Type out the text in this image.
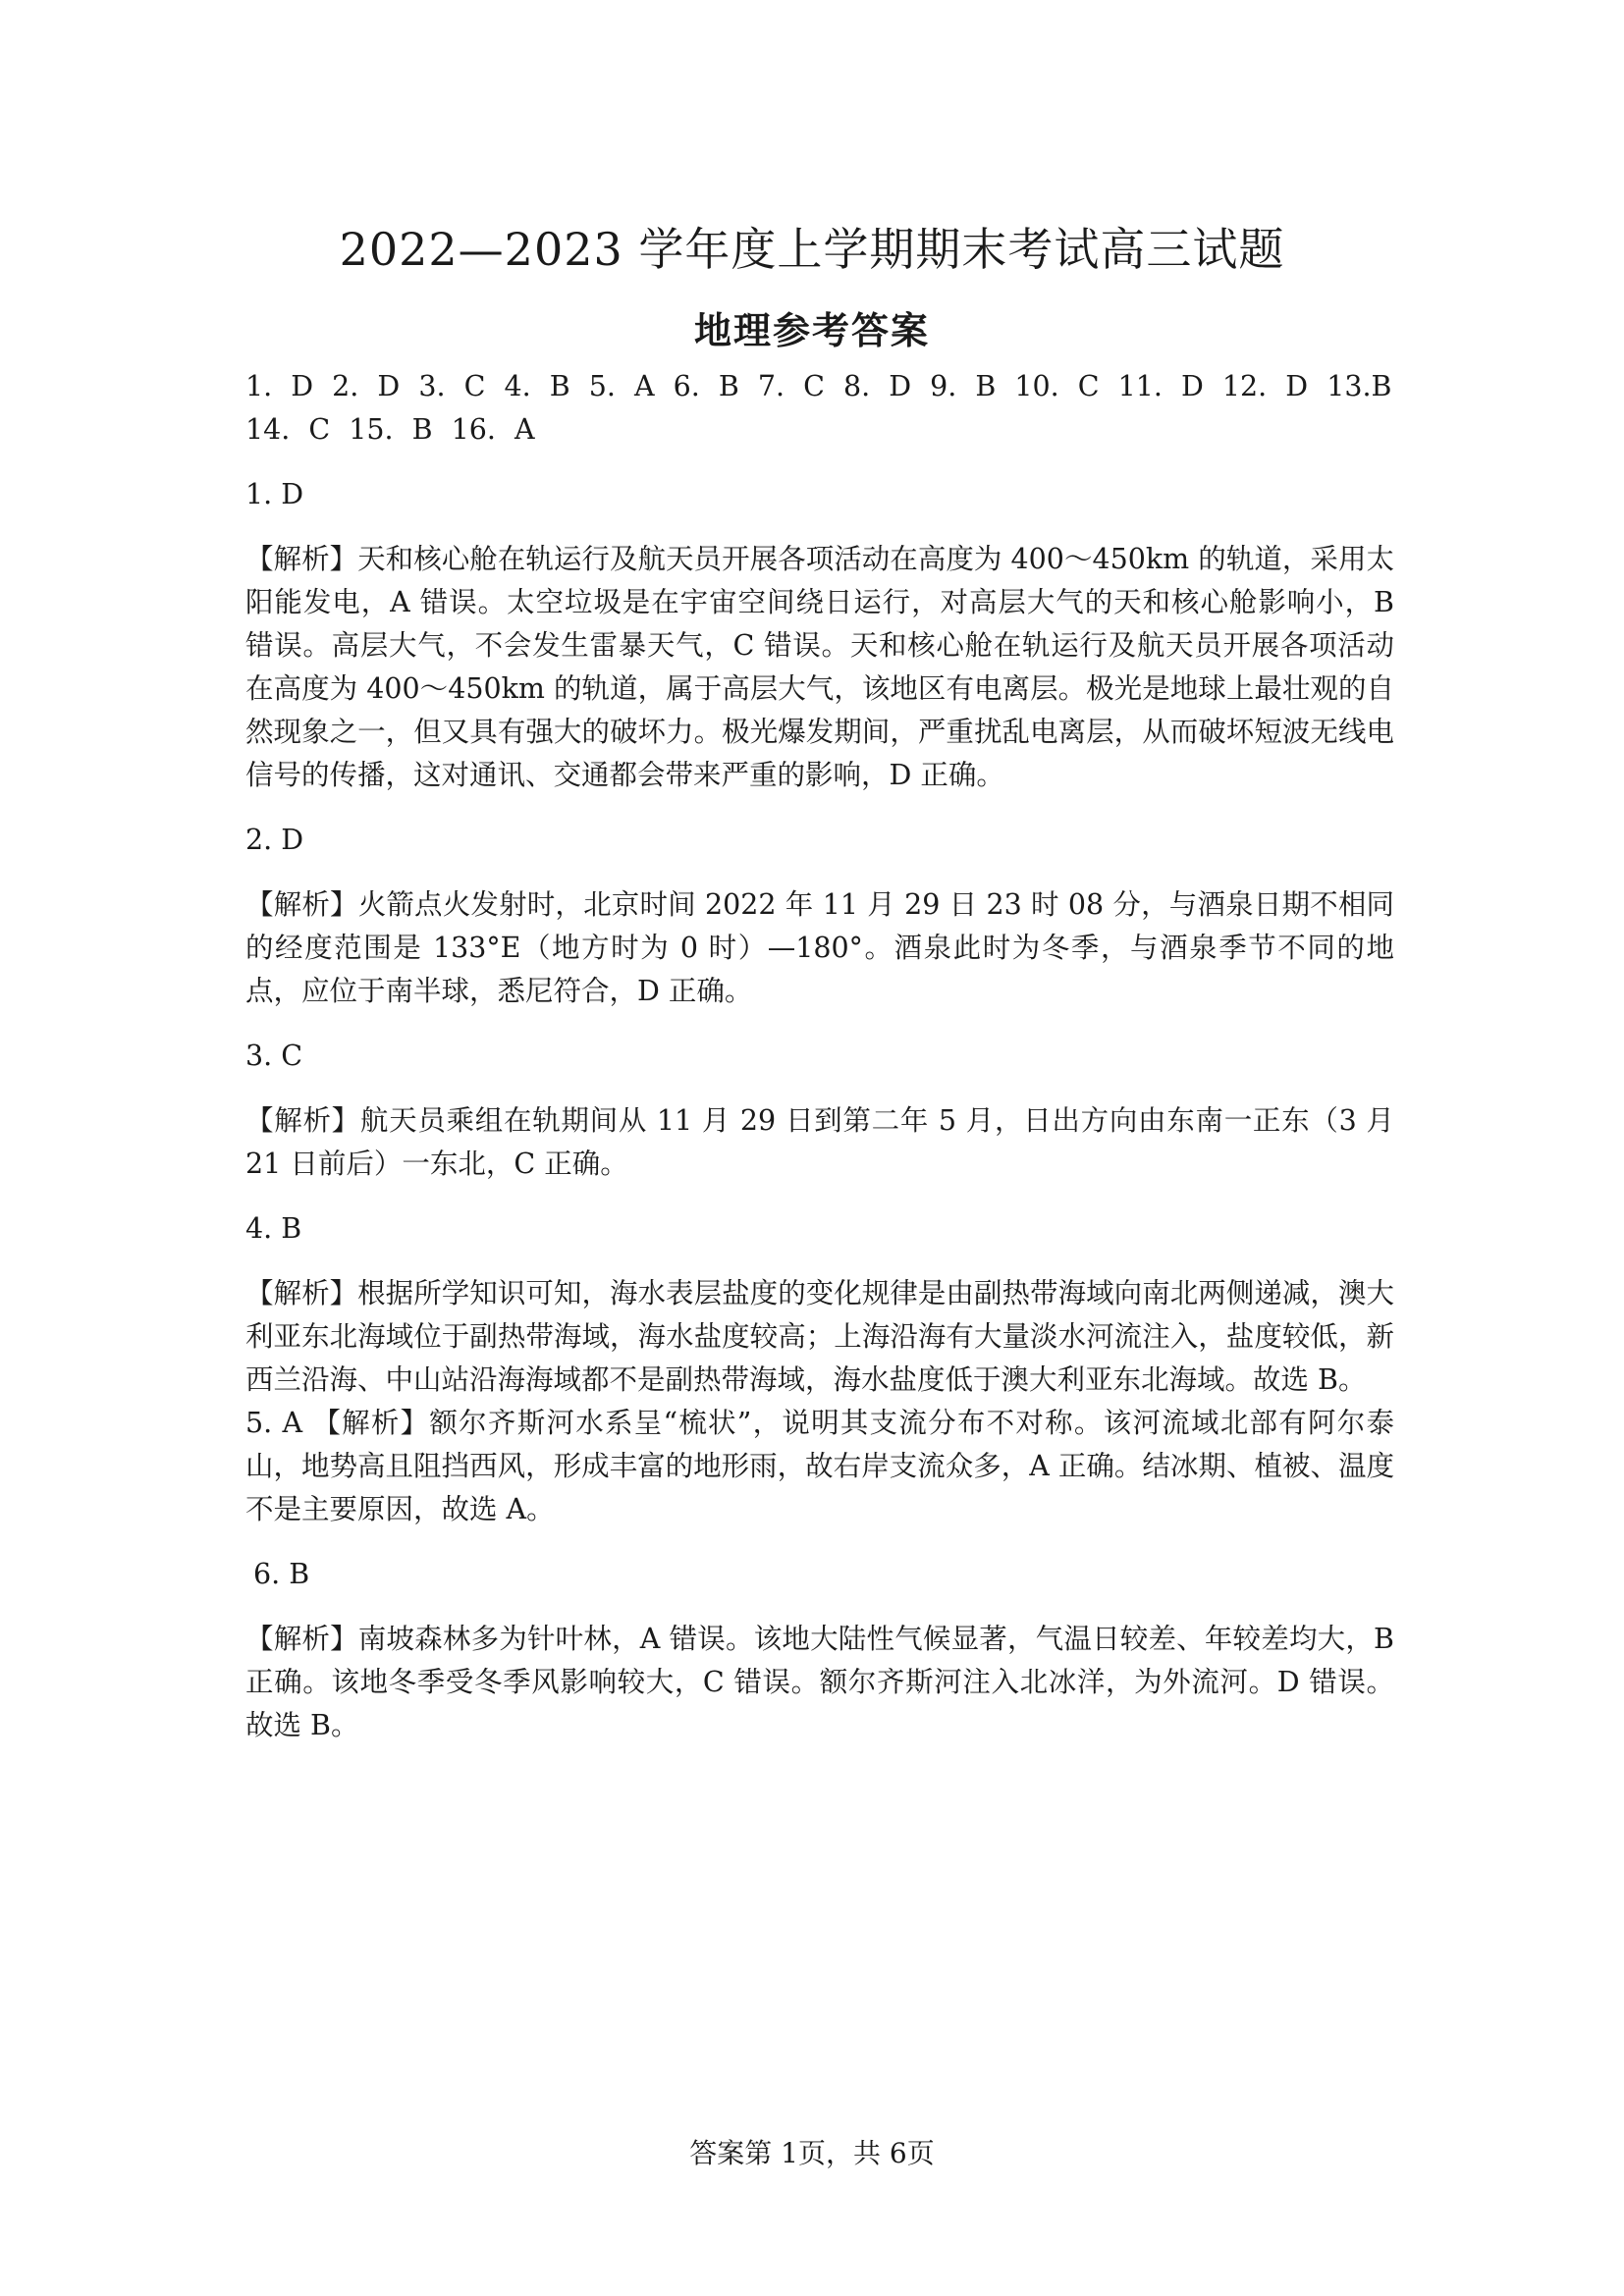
2022—2023 学年度上学期期末考试高三试题
地理参考答案

1. D 2. D 3. C 4. B 5. A 6. B 7. C 8. D 9. B 10. C 11. D 12. D 13.B

14. C 15. B 16. A

1. D

【解析】天和核心舱在轨运行及航天员开展各项活动在高度为 400～450km 的轨道，采用太阳能发电，A 错误。太空垃圾是在宇宙空间绕日运行，对高层大气的天和核心舱影响小，B 错误。高层大气，不会发生雷暴天气，C 错误。天和核心舱在轨运行及航天员开展各项活动在高度为 400～450km 的轨道，属于高层大气，该地区有电离层。极光是地球上最壮观的自然现象之一，但又具有强大的破坏力。极光爆发期间，严重扰乱电离层，从而破坏短波无线电信号的传播，这对通讯、交通都会带来严重的影响，D 正确。

2. D

【解析】火箭点火发射时，北京时间 2022 年 11 月 29 日 23 时 08 分，与酒泉日期不相同的经度范围是 133°E（地方时为 0 时）—180°。酒泉此时为冬季，与酒泉季节不同的地点，应位于南半球，悉尼符合，D 正确。

3. C

【解析】航天员乘组在轨期间从 11 月 29 日到第二年 5 月，日出方向由东南一正东（3 月 21 日前后）一东北，C 正确。

4. B

【解析】根据所学知识可知，海水表层盐度的变化规律是由副热带海域向南北两侧递减，澳大利亚东北海域位于副热带海域，海水盐度较高；上海沿海有大量淡水河流注入，盐度较低，新西兰沿海、中山站沿海海域都不是副热带海域，海水盐度低于澳大利亚东北海域。故选 B。

5. A 【解析】额尔齐斯河水系呈“梳状”，说明其支流分布不对称。该河流域北部有阿尔泰山，地势高且阻挡西风，形成丰富的地形雨，故右岸支流众多，A 正确。结冰期、植被、温度不是主要原因，故选 A。

6. B

【解析】南坡森林多为针叶林，A 错误。该地大陆性气候显著，气温日较差、年较差均大，B 正确。该地冬季受冬季风影响较大，C 错误。额尔齐斯河注入北冰洋，为外流河。D 错误。故选 B。

答案第 1页，共 6页
